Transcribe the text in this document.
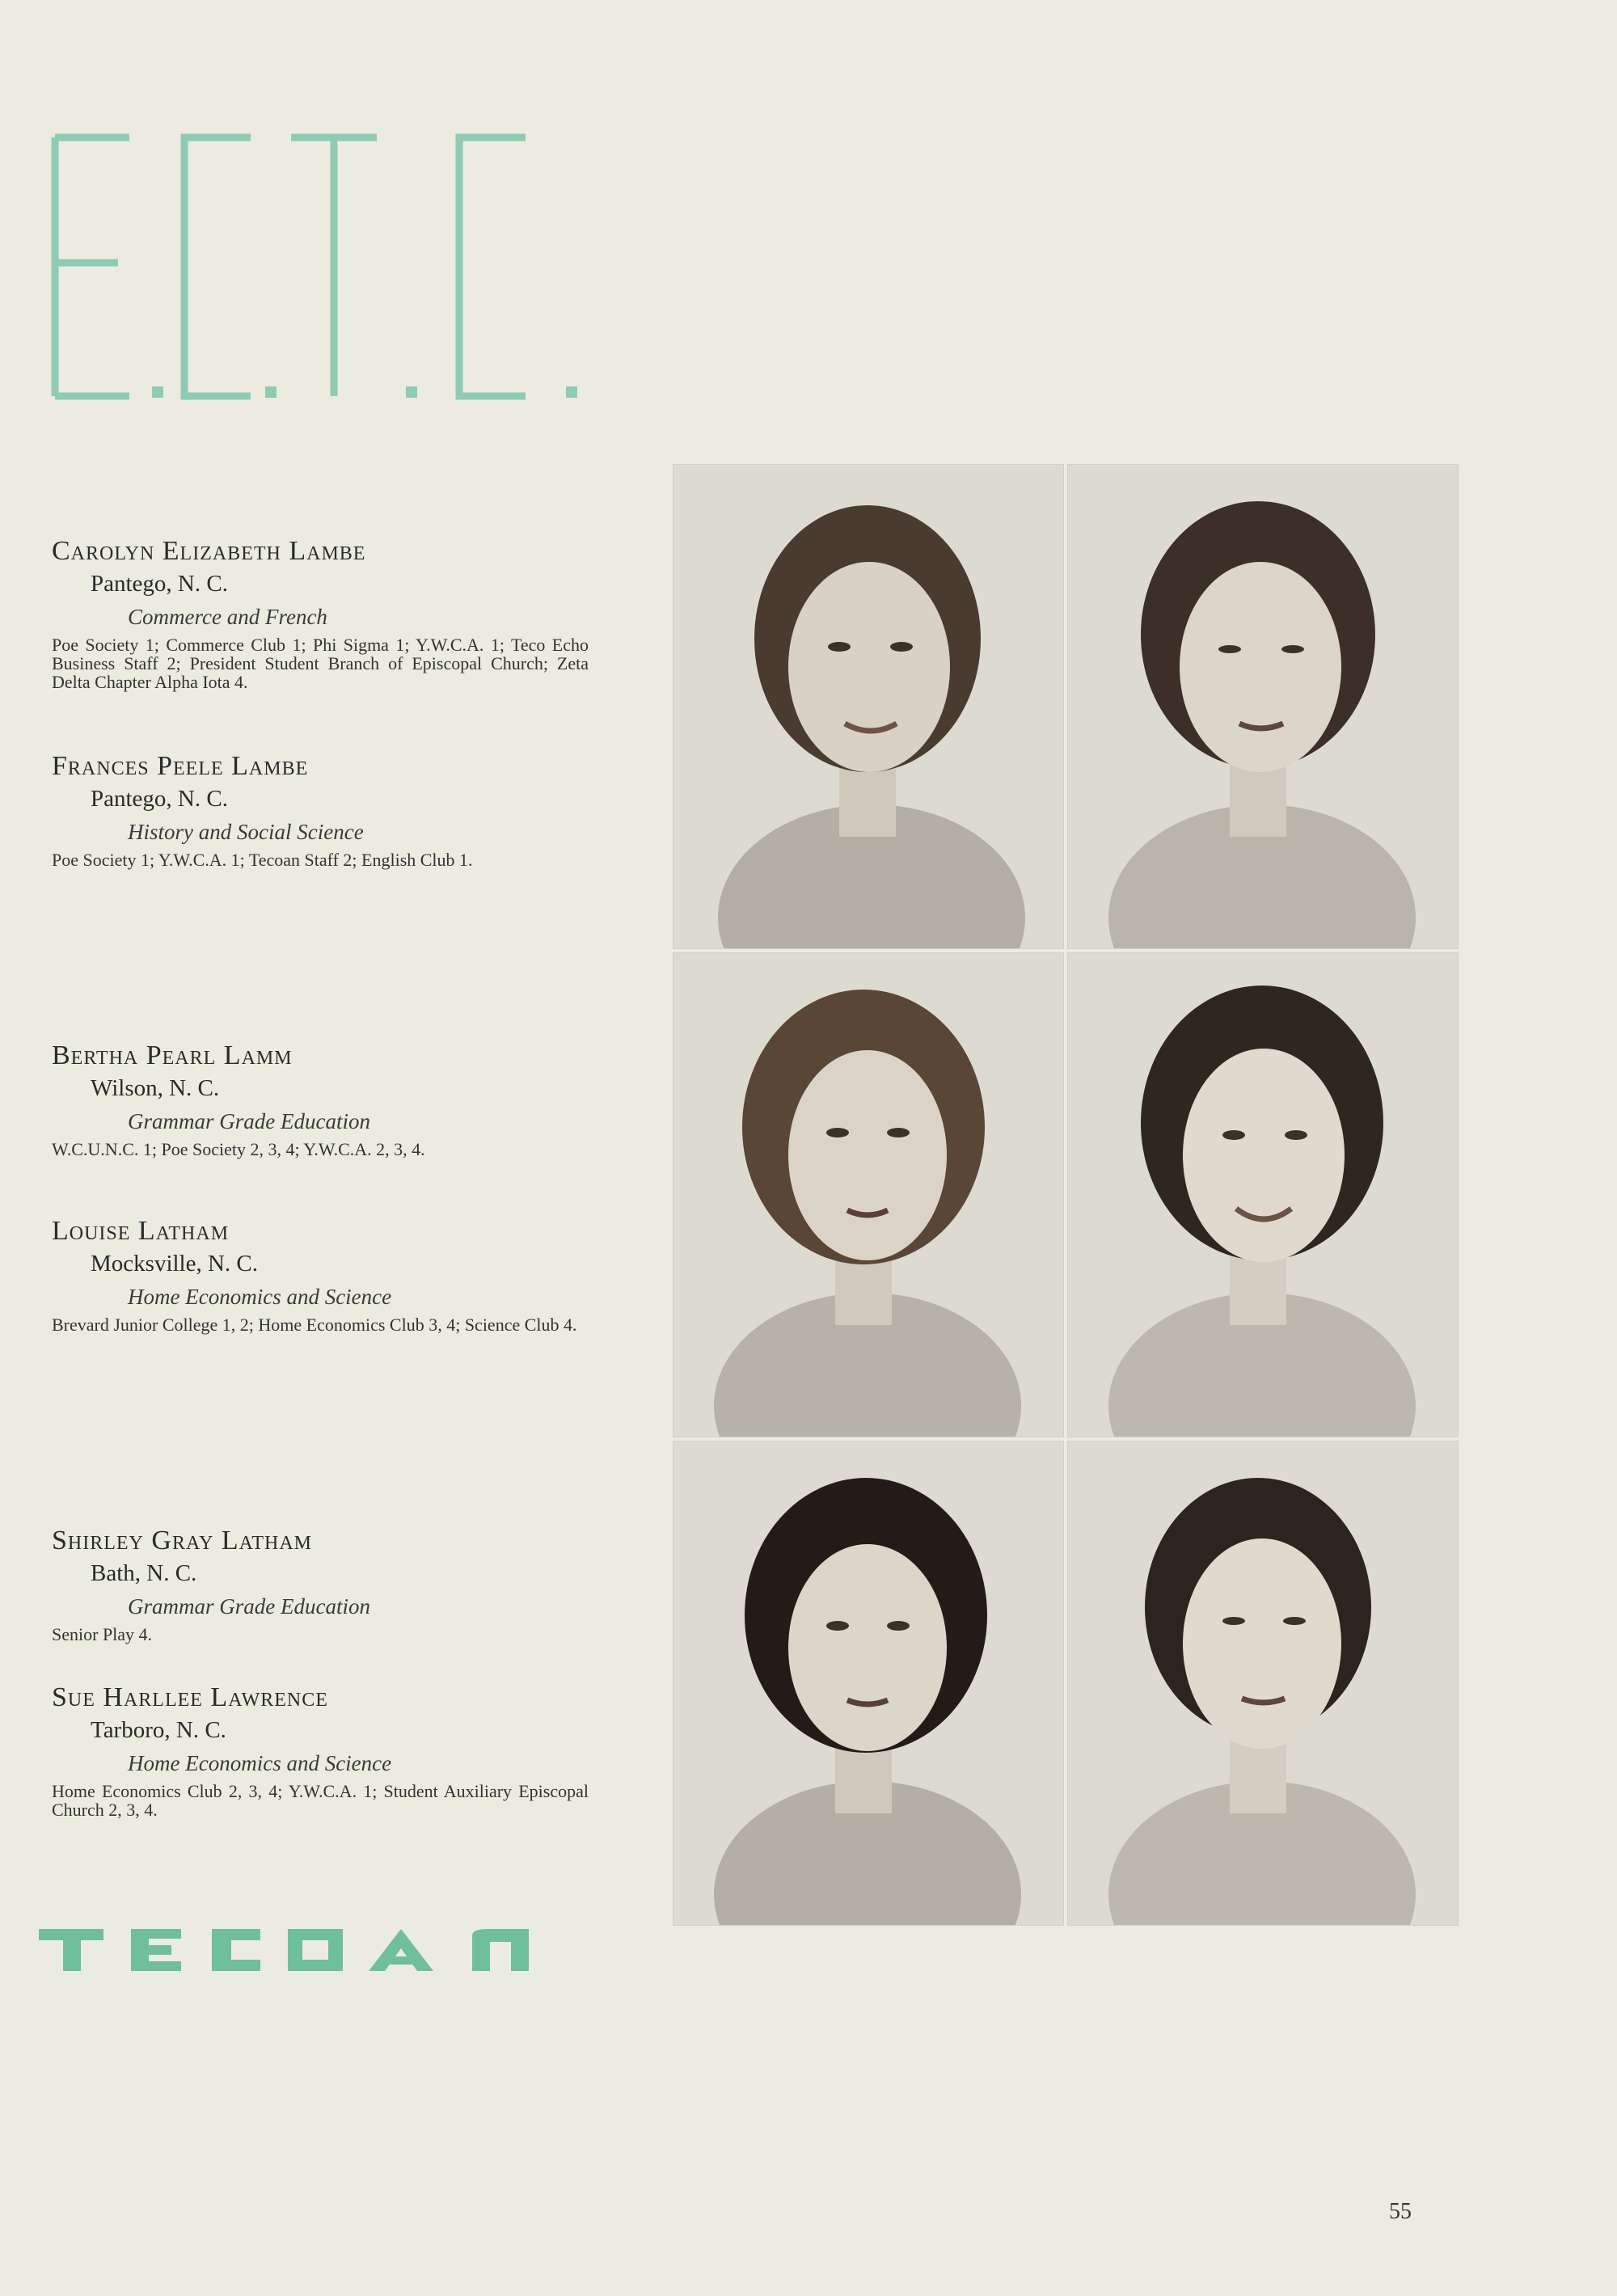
Carolyn Elizabeth Lambe

Pantego, N. C.

Commerce and French

Poe Society 1; Commerce Club 1; Phi Sigma 1; Y.W.C.A. 1; Teco Echo Business Staff 2; President Student Branch of Episcopal Church; Zeta Delta Chapter Alpha Iota 4.

Frances Peele Lambe

Pantego, N. C.

History and Social Science

Poe Society 1; Y.W.C.A. 1; Tecoan Staff 2; English Club 1.

Bertha Pearl Lamm

Wilson, N. C.

Grammar Grade Education

W.C.U.N.C. 1; Poe Society 2, 3, 4; Y.W.C.A. 2, 3, 4.

Louise Latham

Mocksville, N. C.

Home Economics and Science

Brevard Junior College 1, 2; Home Economics Club 3, 4; Science Club 4.

Shirley Gray Latham

Bath, N. C.

Grammar Grade Education

Senior Play 4.

Sue Harllee Lawrence

Tarboro, N. C.

Home Economics and Science

Home Economics Club 2, 3, 4; Y.W.C.A. 1; Student Auxiliary Episcopal Church 2, 3, 4.

55
